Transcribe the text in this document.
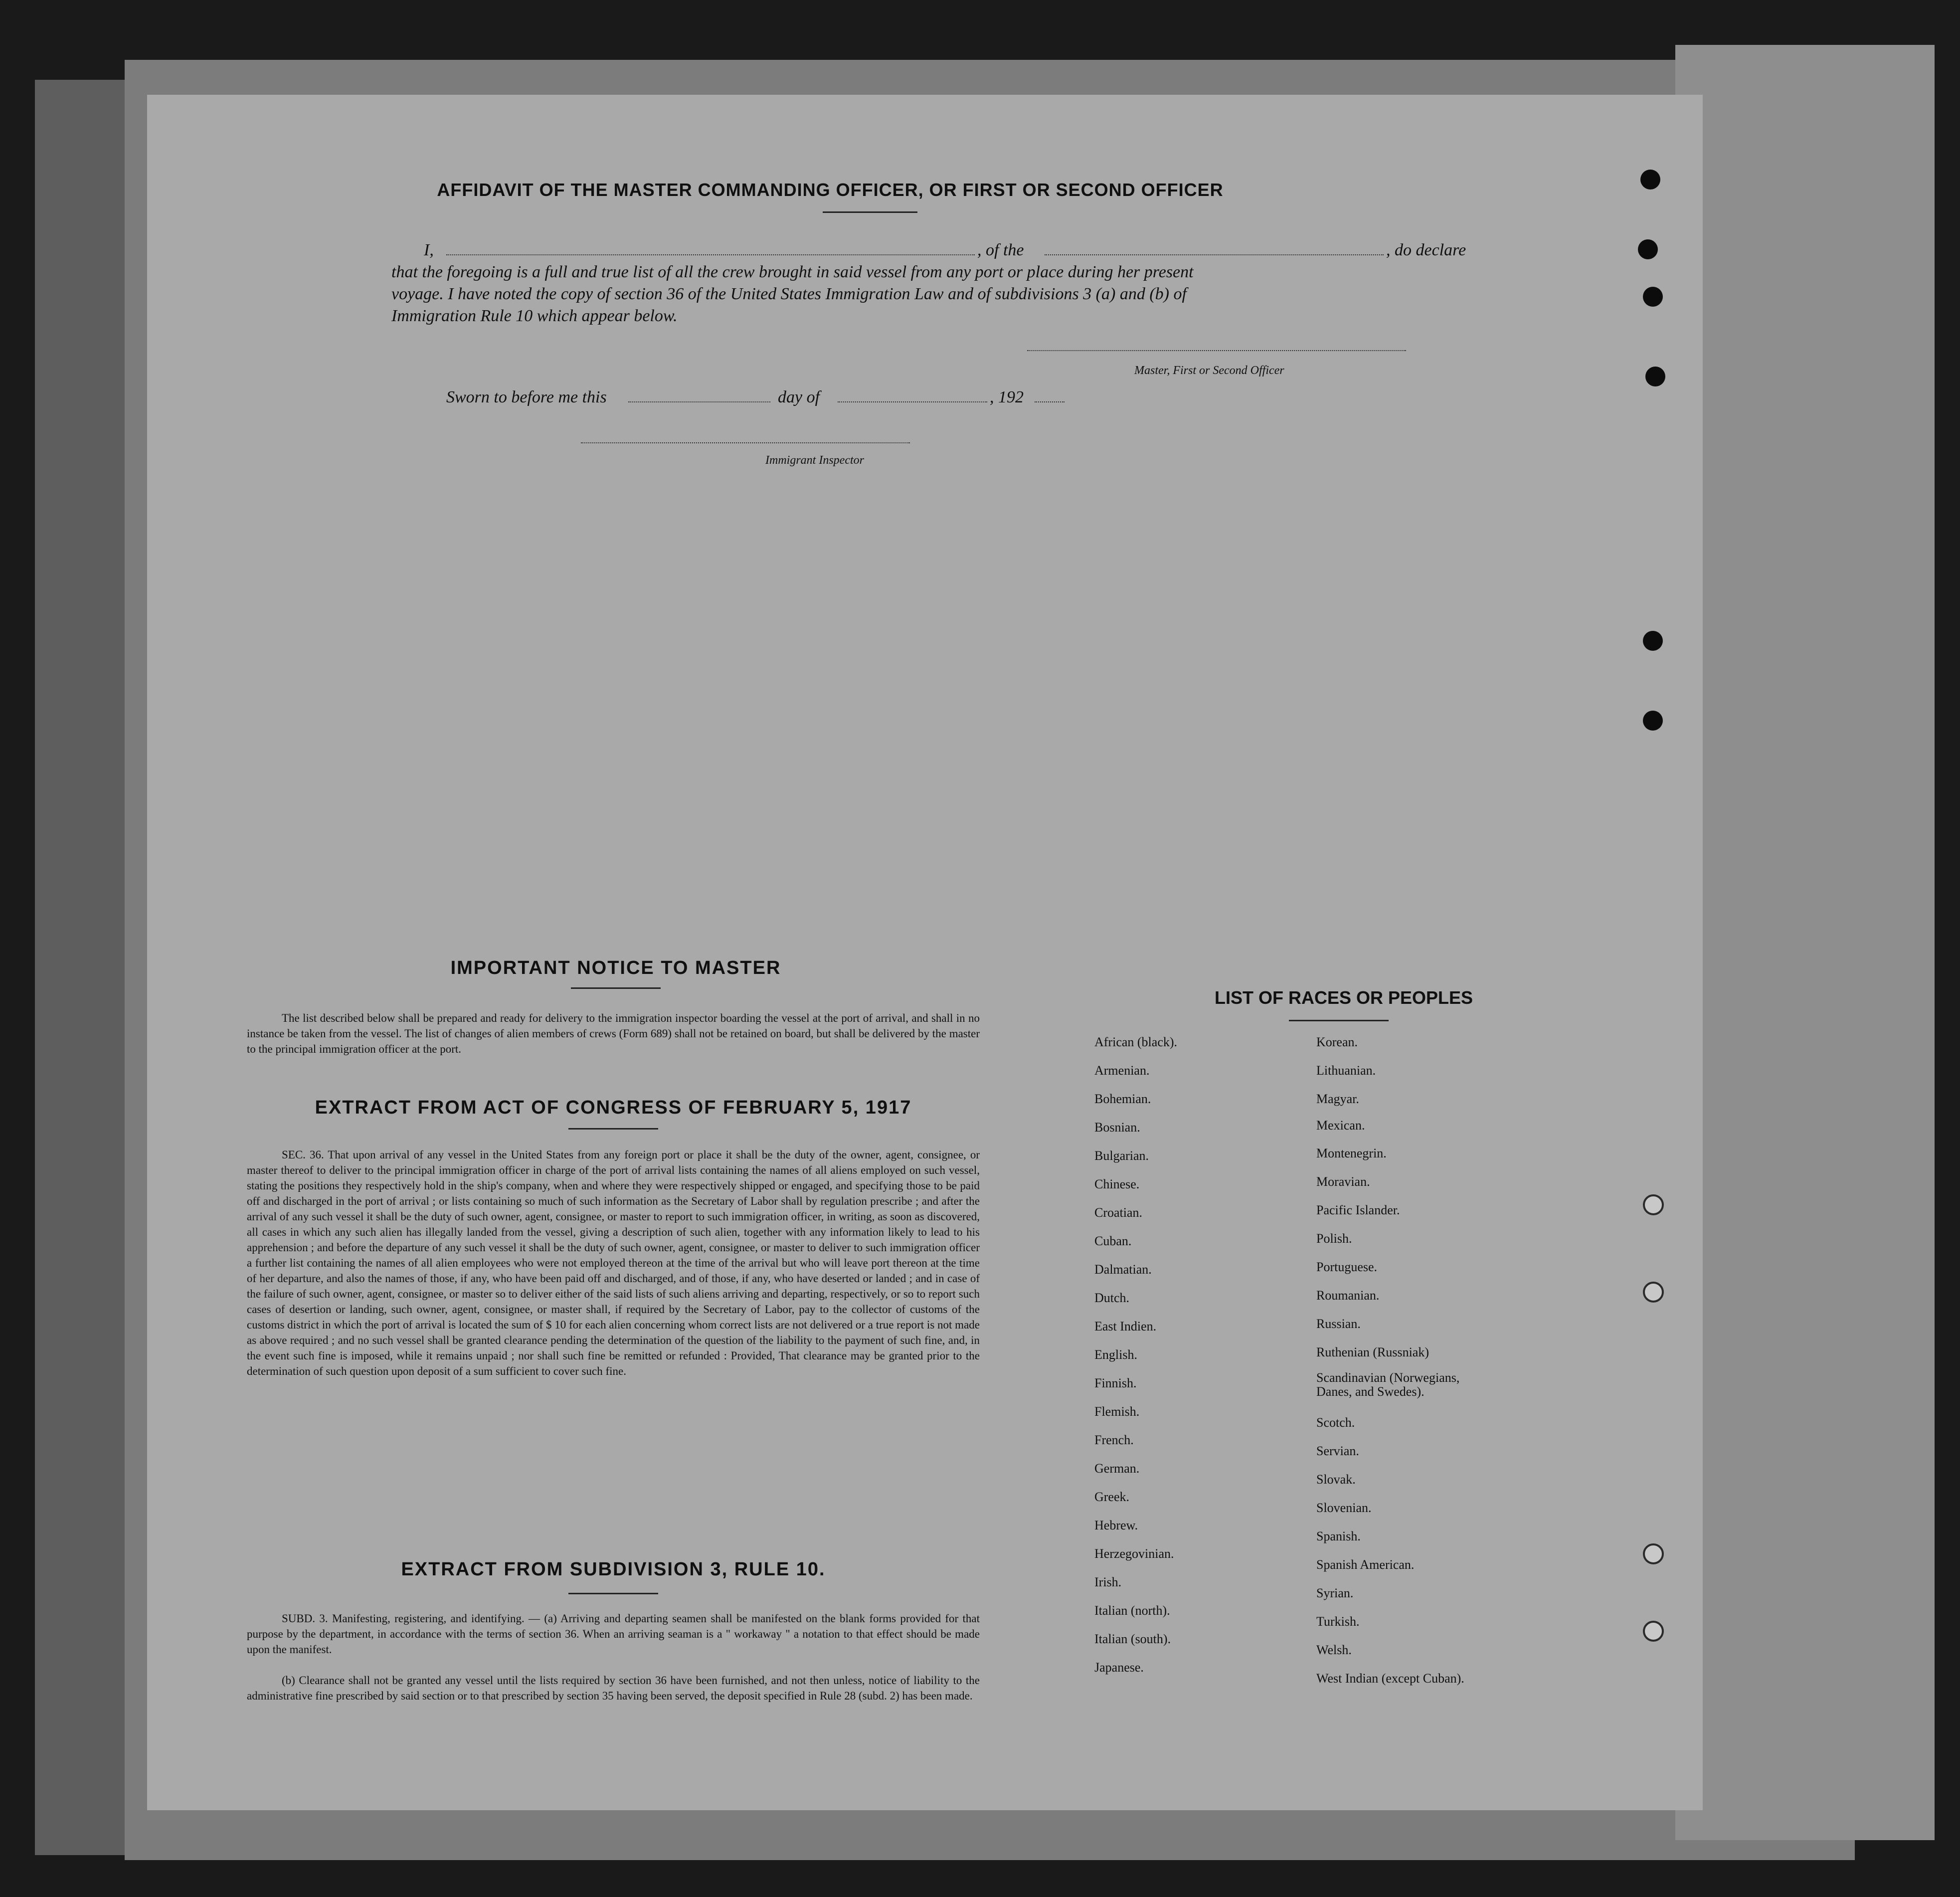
AFFIDAVIT OF THE MASTER COMMANDING OFFICER, OR FIRST OR SECOND OFFICER
I,	, of the	, do declare
that the foregoing is a full and true list of all the crew brought in said vessel from any port or place during her present
voyage. I have noted the copy of section 36 of the United States Immigration Law and of subdivisions 3 (a) and (b) of
Immigration Rule 10 which appear below.
Master, First or Second Officer
Sworn to before me this	day of	, 192
Immigrant Inspector
IMPORTANT NOTICE TO MASTER
The list described below shall be prepared and ready for delivery to the immigration inspector boarding the vessel at the port of arrival, and shall in no instance be taken from the vessel. The list of changes of alien members of crews (Form 689) shall not be retained on board, but shall be delivered by the master to the principal immigration officer at the port.
EXTRACT FROM ACT OF CONGRESS OF FEBRUARY 5, 1917
SEC. 36. That upon arrival of any vessel in the United States from any foreign port or place it shall be the duty of the owner, agent, consignee, or master thereof to deliver to the principal immigration officer in charge of the port of arrival lists containing the names of all aliens employed on such vessel, stating the positions they respectively hold in the ship's company, when and where they were respectively shipped or engaged, and specifying those to be paid off and discharged in the port of arrival ; or lists containing so much of such information as the Secretary of Labor shall by regulation prescribe ; and after the arrival of any such vessel it shall be the duty of such owner, agent, consignee, or master to report to such immigration officer, in writing, as soon as discovered, all cases in which any such alien has illegally landed from the vessel, giving a description of such alien, together with any information likely to lead to his apprehension ; and before the departure of any such vessel it shall be the duty of such owner, agent, consignee, or master to deliver to such immigration officer a further list containing the names of all alien employees who were not employed thereon at the time of the arrival but who will leave port thereon at the time of her departure, and also the names of those, if any, who have been paid off and discharged, and of those, if any, who have deserted or landed ; and in case of the failure of such owner, agent, consignee, or master so to deliver either of the said lists of such aliens arriving and departing, respectively, or so to report such cases of desertion or landing, such owner, agent, consignee, or master shall, if required by the Secretary of Labor, pay to the collector of customs of the customs district in which the port of arrival is located the sum of $ 10 for each alien concerning whom correct lists are not delivered or a true report is not made as above required ; and no such vessel shall be granted clearance pending the determination of the question of the liability to the payment of such fine, and, in the event such fine is imposed, while it remains unpaid ; nor shall such fine be remitted or refunded : Provided, That clearance may be granted prior to the determination of such question upon deposit of a sum sufficient to cover such fine.
EXTRACT FROM SUBDIVISION 3, RULE 10.
SUBD. 3. Manifesting, registering, and identifying. — (a) Arriving and departing seamen shall be manifested on the blank forms provided for that purpose by the department, in accordance with the terms of section 36. When an arriving seaman is a " workaway " a notation to that effect should be made upon the manifest.
(b) Clearance shall not be granted any vessel until the lists required by section 36 have been furnished, and not then unless, notice of liability to the administrative fine prescribed by said section or to that prescribed by section 35 having been served, the deposit specified in Rule 28 (subd. 2) has been made.
LIST OF RACES OR PEOPLES
African (black).
Armenian.
Bohemian.
Bosnian.
Bulgarian.
Chinese.
Croatian.
Cuban.
Dalmatian.
Dutch.
East Indien.
English.
Finnish.
Flemish.
French.
German.
Greek.
Hebrew.
Herzegovinian.
Irish.
Italian (north).
Italian (south).
Japanese.
Korean.
Lithuanian.
Magyar.
Mexican.
Montenegrin.
Moravian.
Pacific Islander.
Polish.
Portuguese.
Roumanian.
Russian.
Ruthenian (Russniak)
Scandinavian (Norwegians, Danes, and Swedes).
Scotch.
Servian.
Slovak.
Slovenian.
Spanish.
Spanish American.
Syrian.
Turkish.
Welsh.
West Indian (except Cuban).
